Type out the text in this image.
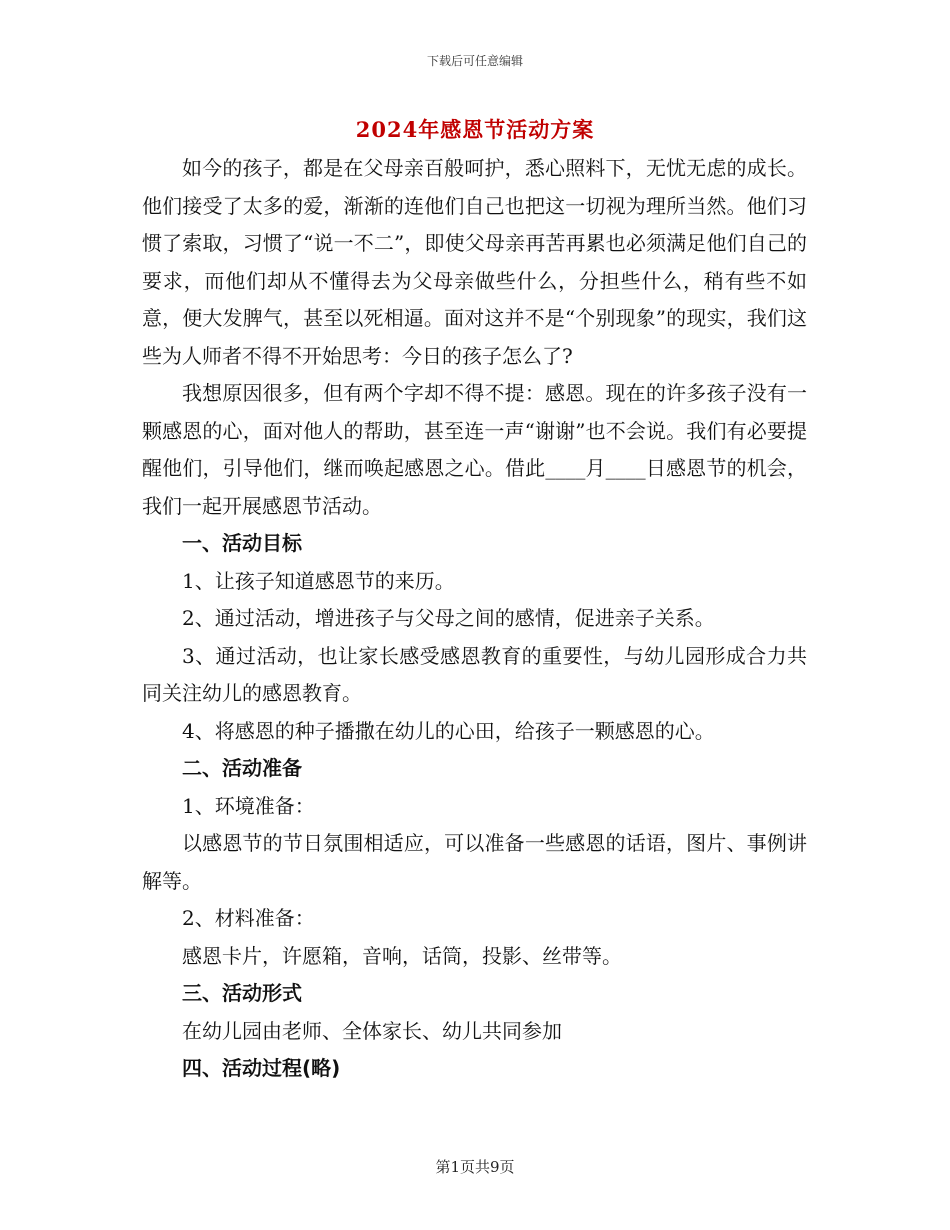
下载后可任意编辑
2024年感恩节活动方案

如今的孩子，都是在父母亲百般呵护，悉心照料下，无忧无虑的成长。他们接受了太多的爱，渐渐的连他们自己也把这一切视为理所当然。他们习惯了索取，习惯了“说一不二”，即使父母亲再苦再累也必须满足他们自己的要求，而他们却从不懂得去为父母亲做些什么，分担些什么，稍有些不如意，便大发脾气，甚至以死相逼。面对这并不是“个别现象”的现实，我们这些为人师者不得不开始思考：今日的孩子怎么了?

我想原因很多，但有两个字却不得不提：感恩。现在的许多孩子没有一颗感恩的心，面对他人的帮助，甚至连一声“谢谢”也不会说。我们有必要提醒他们，引导他们，继而唤起感恩之心。借此____月____日感恩节的机会，我们一起开展感恩节活动。

一、活动目标

1、让孩子知道感恩节的来历。

2、通过活动，增进孩子与父母之间的感情，促进亲子关系。

3、通过活动，也让家长感受感恩教育的重要性，与幼儿园形成合力共同关注幼儿的感恩教育。

4、将感恩的种子播撒在幼儿的心田，给孩子一颗感恩的心。

二、活动准备

1、环境准备：

以感恩节的节日氛围相适应，可以准备一些感恩的话语，图片、事例讲解等。

2、材料准备：

感恩卡片，许愿箱，音响，话筒，投影、丝带等。

三、活动形式

在幼儿园由老师、全体家长、幼儿共同参加

四、活动过程(略)

第1页共9页
